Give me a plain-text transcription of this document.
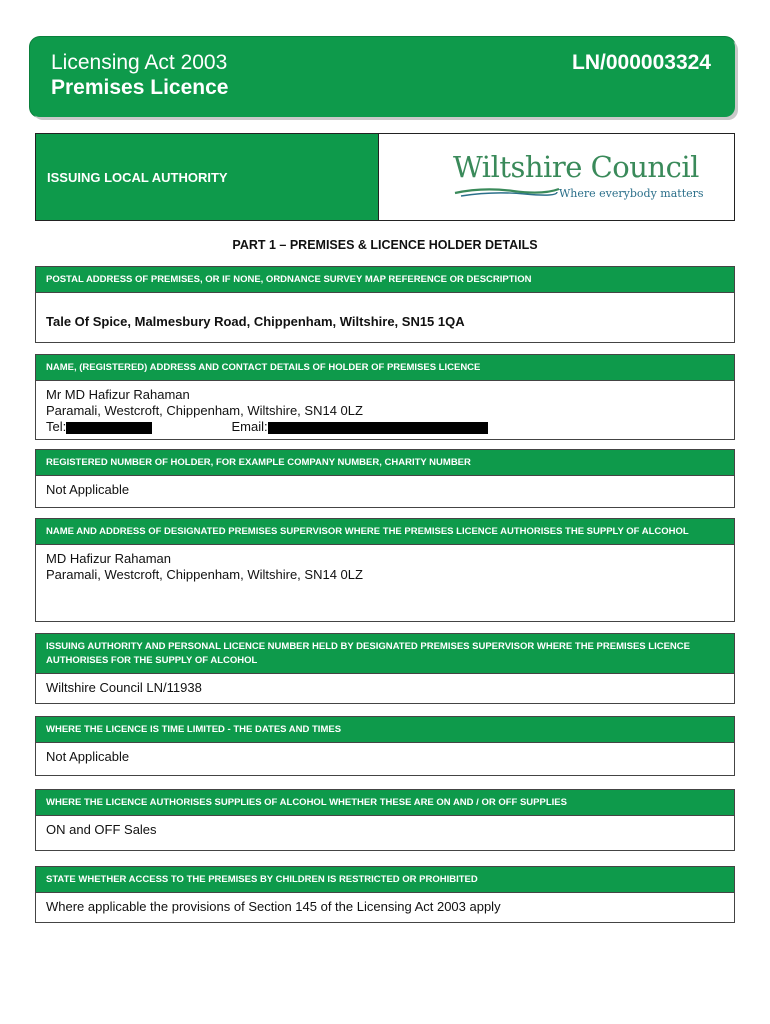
Licensing Act 2003
Premises Licence
LN/000003324
ISSUING LOCAL AUTHORITY	Wiltshire Council
Where everybody matters
PART 1 – PREMISES & LICENCE HOLDER DETAILS
POSTAL ADDRESS OF PREMISES, OR IF NONE, ORDNANCE SURVEY MAP REFERENCE OR DESCRIPTION
Tale Of Spice, Malmesbury Road, Chippenham, Wiltshire, SN15 1QA
NAME, (REGISTERED) ADDRESS AND CONTACT DETAILS OF HOLDER OF PREMISES LICENCE
Mr MD Hafizur Rahaman
Paramali, Westcroft, Chippenham, Wiltshire, SN14 0LZ
Tel:	Email:
REGISTERED NUMBER OF HOLDER, FOR EXAMPLE COMPANY NUMBER, CHARITY NUMBER
Not Applicable
NAME AND ADDRESS OF DESIGNATED PREMISES SUPERVISOR WHERE THE PREMISES LICENCE AUTHORISES THE SUPPLY OF ALCOHOL
MD Hafizur Rahaman
Paramali, Westcroft, Chippenham, Wiltshire, SN14 0LZ
ISSUING AUTHORITY AND PERSONAL LICENCE NUMBER HELD BY DESIGNATED PREMISES SUPERVISOR WHERE THE PREMISES LICENCE AUTHORISES FOR THE SUPPLY OF ALCOHOL
Wiltshire Council LN/11938
WHERE THE LICENCE IS TIME LIMITED - THE DATES AND TIMES
Not Applicable
WHERE THE LICENCE AUTHORISES SUPPLIES OF ALCOHOL WHETHER THESE ARE ON AND / OR OFF SUPPLIES
ON and OFF Sales
STATE WHETHER ACCESS TO THE PREMISES BY CHILDREN IS RESTRICTED OR PROHIBITED
Where applicable the provisions of Section 145 of the Licensing Act 2003 apply
